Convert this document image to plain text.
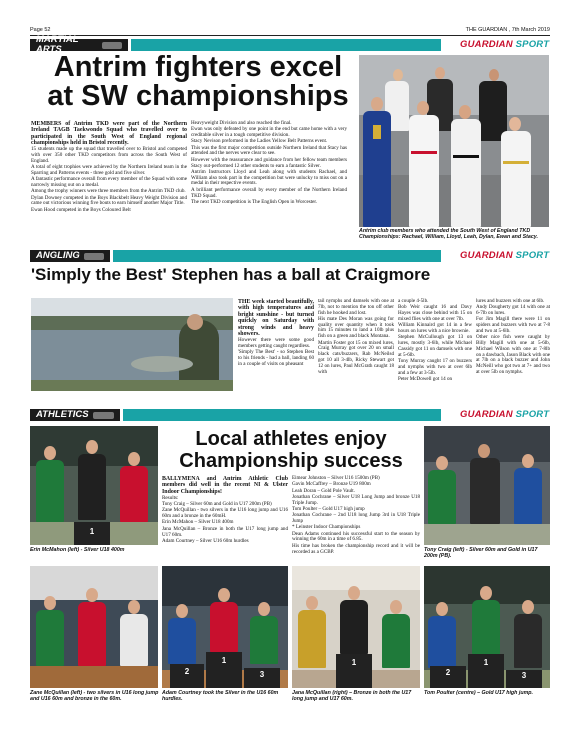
Page 52	THE GUARDIAN , 7th March 2019
MARTIAL ARTS	GUARDIAN SPORT
Antrim fighters excel
at SW championships

MEMBERS of Antrim TKD were part of the Northern Ireland TAGB Taekwondo Squad who travelled over to participated in the South West of England regional championships held in Bristol recently.

15 students made up the squad that travelled over to Bristol and competed with over 350 other TKD competitors from across the South West of England.

A total of eight trophies were achieved by the Northern Ireland team in the Sparring and Patterns events - three gold and five silver.

A fantastic performance overall from every member of the Squad with some narrowly missing out on a medal.

Among the trophy winners were three members from the Antrim TKD club.

Dylan Downey competed in the Boys Blackbelt Heavy Weight Division and came out victorious winning five bouts to earn himself another Major Title.

Ewan Hood competed in the Boys Coloured Belt

Heavyweight Division and also reached the final.

Ewan was only defeated by one point in the end but came home with a very creditable silver in a tough competitive division.

Stacy Nevison preformed in the Ladies Yellow Belt Patterns event.

This was the first major competition outside Northern Ireland that Stacy has attended and the nerves were clear to see.

However with the reassurance and guidance from her fellow team members Stacy out-performed 12 other students to earn a fantastic Silver.

Antrim Instructors Lloyd and Leah along with students Rachael, and William also took part in the competition but were unlucky to miss out on a medal in their respective events.

A brilliant performance overall by every member of the Northern Ireland TKD Squad.

The next TKD competition is The English Open in Worcester.

Antrim club members who attended the South West of England TKD Championships: Rachael, William, Lloyd, Leah, Dylan, Ewan and Stacy.
ANGLING	GUARDIAN SPORT
'Simply the Best' Stephen has a ball at Craigmore

THE week started beautifully, with high temperatures and bright sunshine - but turned quickly on Saturday with strong winds and heavy showers.

However there were some good members getting caught regardless.

'Simply The Best' - so Stephen Best to his friends - had a ball, landing 60 in a couple of visits on pheasant

tail nymphs and damsels with one at 7lb, not to mention the ton off other fish he hooked and lost.

His mate Des Moran was going for quality over quantity when it took him 15 minutes to land a 10lb plus fish on a green and black Montana.

Martin Foster got 15 on mixed lures, Craig Murray got over 20 on small black cats/buzzers, Rab McNeilsd got 10 all 3-4lb, Ricky Stewart got 12 on lures, Paul McGrath caught 18 with

a couple 4-5lb.

Bob Weir caught 16 and Davy Hayes was close behind with 15 on mixed flies with one at over 7lb.

William Kinnaird got 14 in a few hours on lures with a nice brownie.

Stephen McCullough got 13 on lures, mostly 3-6lb, while Michael Cassidy got 11 on damsels with one at 5-6lb.

Tony Murray caught 17 on buzzers and nymphs with two at over 6lb and a few at 3-5lb.

Peter McDowell got 14 on

lures and buzzers with one at 6lb.

Andy Dougherty got 14 with one at 6-7lb on lures.

For Jim Magill there were 11 on spiders and buzzers with two at 7-8 and two at 5-6lb.

Other nice fish were caught by Billy Magill with one at 5-6lb, Michael Wilson with one at 7-8lb on a dawbach, Jason Black with one at 7lb on a black buzzer and John McNeill who got two at 7+ and two at over 5lb on nymphs.

ATHLETICS	GUARDIAN SPORT
1
Erin McMahon (left) - Silver U18 400m
Local athletes enjoy
Championship success

BALLYMENA and Antrim Athletic Club members did well in the recent NI & Ulster Indoor Championships!

Results:

Tony Craig – Silver 60m and Gold in U17 200m (PB)

Zane McQuillan - two silvers in the U16 long jump and U16 60m and a bronze in the 60mH.

Erin McMahon – Silver U18 400m

Jana McQuillan – Bronze in both the U17 long jump and U17 60m.

Adam Courtney – Silver U16 60m hurdles

Eimear Johnston – Silver U16 1500m (PB)

Gavin McCaffrey – Bronze U19 800m

Leah Doran – Gold Pole Vault.

Jonathan Cochrane – Silver U18 Long Jump and bronze U18 Triple Jump.

Tom Poulter – Gold U17 high jump

Jonathan Cochrane – 2nd U18 long Jump 3rd in U18 Triple Jump

* Leinster Indoor Championships

Dean Adams continued his successful start to the season by winning the 60m in a time of 6.85.

His time has broken the championship record and it will be recorded as a GCBP.	Tony Craig (left) - Silver 60m and Gold in U17 200m (PB).
Zane McQuillan (left) - two silvers in U16 long jump and U16 60m and bronze in the 60m.
1
2	3
Adam Courtney took the Silver in the U16 60m hurdles.
1
Jana McQuillan (right) – Bronze in both the U17 long jump and U17 60m.
1
2	3
Tom Poulter (centre) – Gold U17 high jump.
